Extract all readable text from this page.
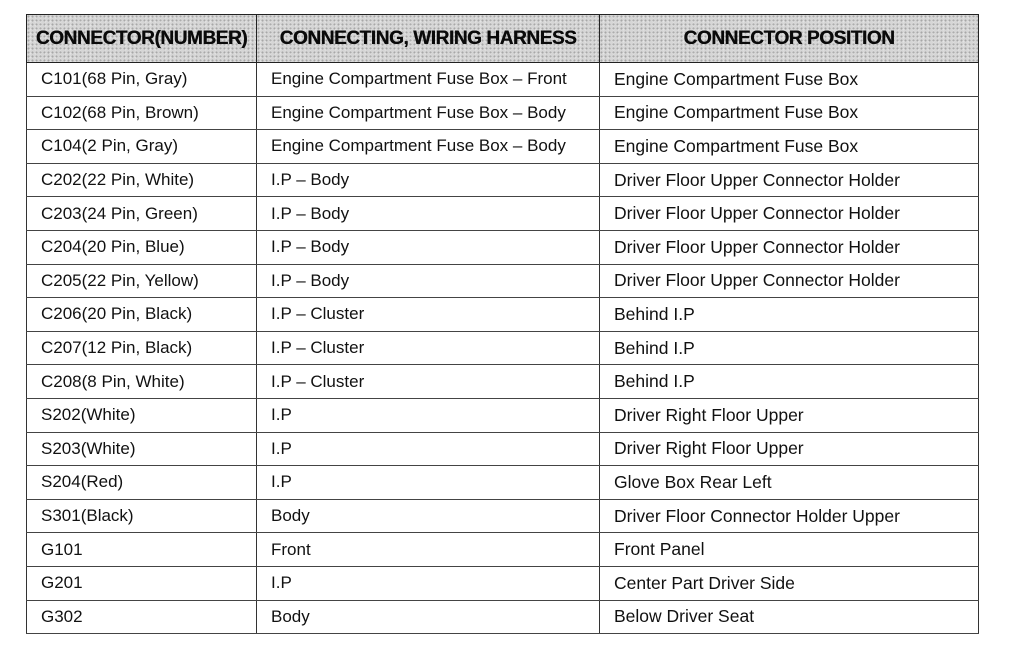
CONNECTOR(NUMBER)	CONNECTING, WIRING HARNESS	CONNECTOR POSITION
C101(68 Pin, Gray)	Engine Compartment Fuse Box – Front	Engine Compartment Fuse Box
C102(68 Pin, Brown)	Engine Compartment Fuse Box – Body	Engine Compartment Fuse Box
C104(2 Pin, Gray)	Engine Compartment Fuse Box – Body	Engine Compartment Fuse Box
C202(22 Pin, White)	I.P – Body	Driver Floor Upper Connector Holder
C203(24 Pin, Green)	I.P – Body	Driver Floor Upper Connector Holder
C204(20 Pin, Blue)	I.P – Body	Driver Floor Upper Connector Holder
C205(22 Pin, Yellow)	I.P – Body	Driver Floor Upper Connector Holder
C206(20 Pin, Black)	I.P – Cluster	Behind I.P
C207(12 Pin, Black)	I.P – Cluster	Behind I.P
C208(8 Pin, White)	I.P – Cluster	Behind I.P
S202(White)	I.P	Driver Right Floor Upper
S203(White)	I.P	Driver Right Floor Upper
S204(Red)	I.P	Glove Box Rear Left
S301(Black)	Body	Driver Floor Connector Holder Upper
G101	Front	Front Panel
G201	I.P	Center Part Driver Side
G302	Body	Below Driver Seat
